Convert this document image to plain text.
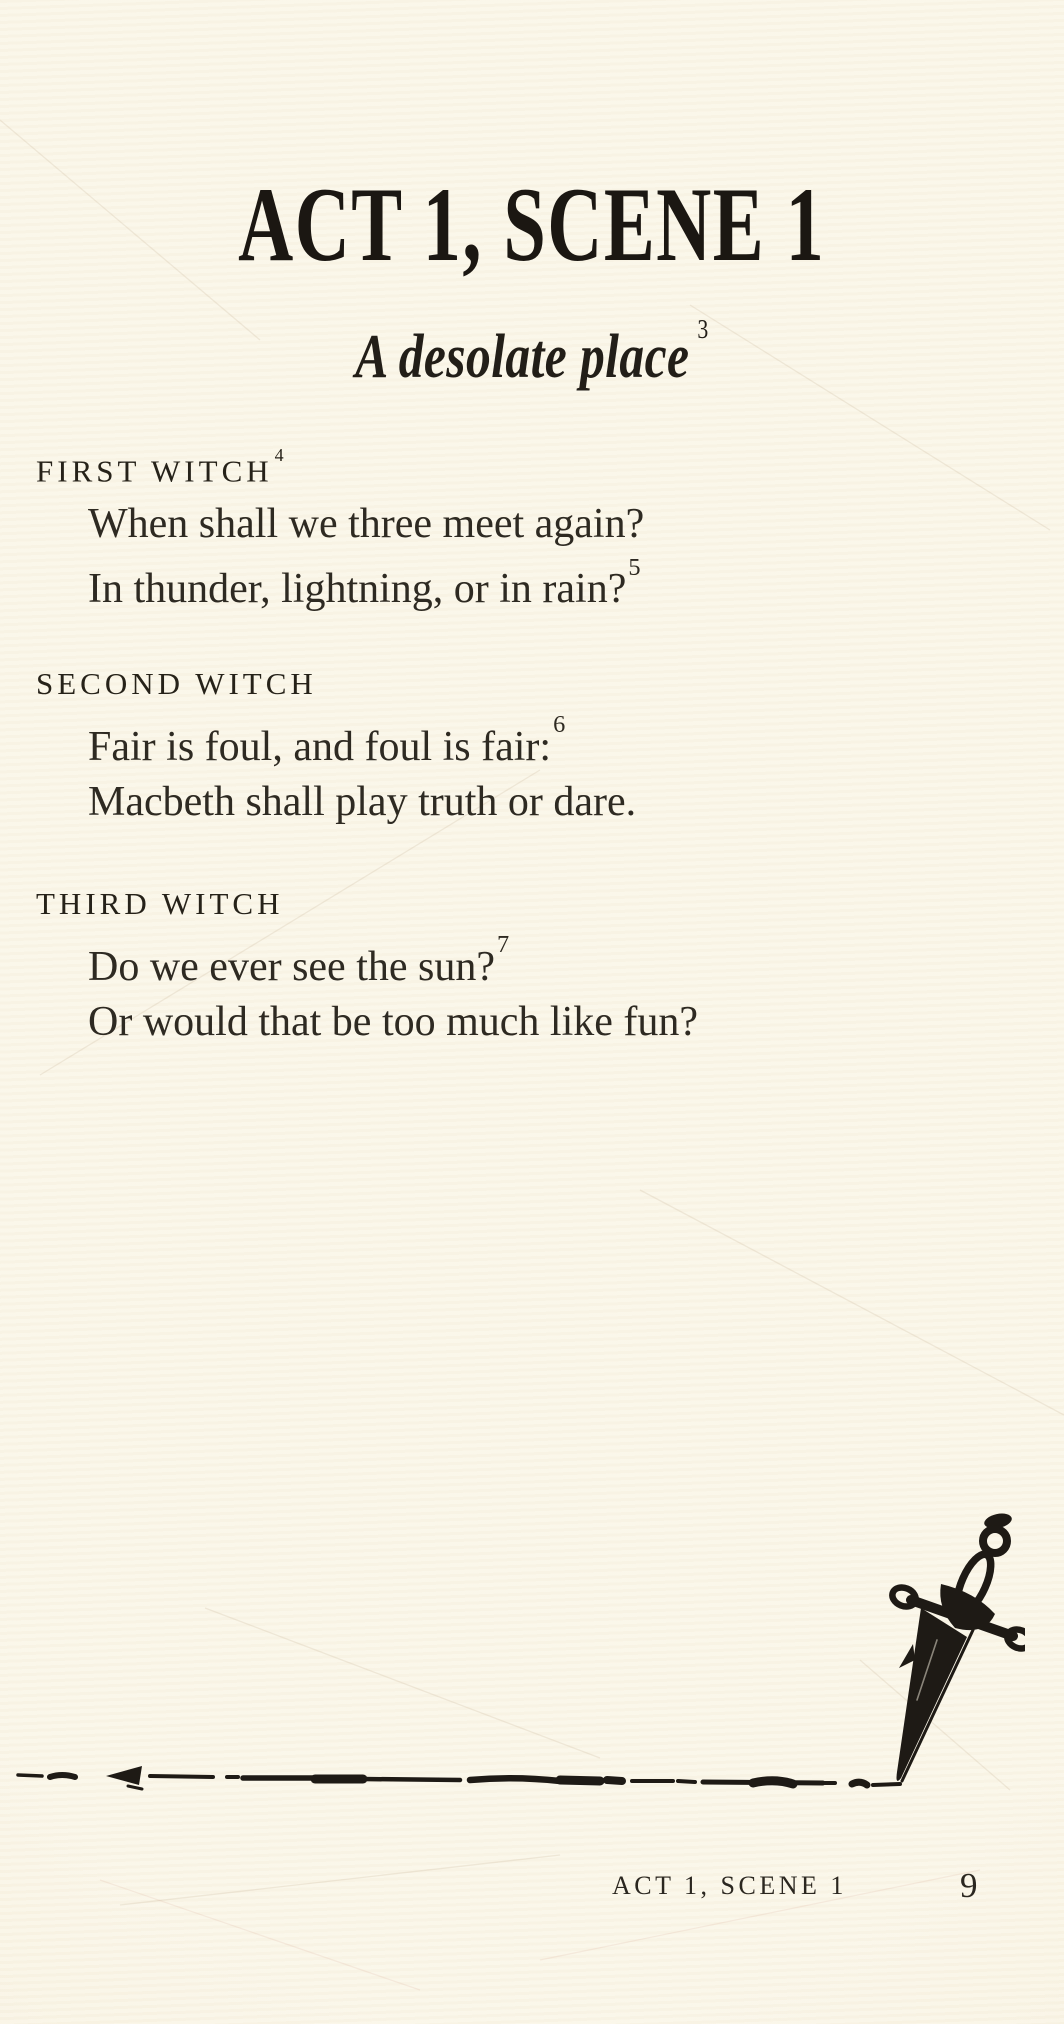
ACT 1, SCENE 1
A desolate place $^3$
FIRST WITCH $^4$
When shall we three meet again?
In thunder, lightning, or in rain?$^5$
SECOND WITCH
Fair is foul, and foul is fair:$^6$
Macbeth shall play truth or dare.
THIRD WITCH
Do we ever see the sun?$^7$
Or would that be too much like fun?
ACT 1, SCENE 1	9
